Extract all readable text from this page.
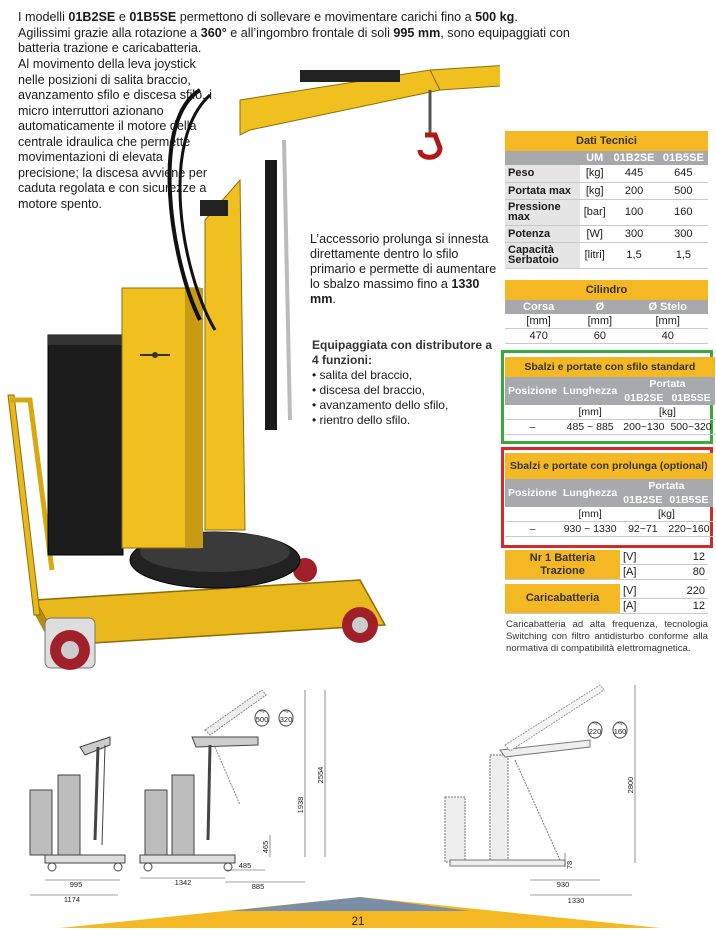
I modelli 01B2SE e 01B5SE permettono di sollevare e movimentare carichi fino a 500 kg.
Agilissimi grazie alla rotazione a 360° e all’ingombro frontale di soli 995 mm, sono equipaggiati con
batteria trazione e caricabatteria.
Al movimento della leva joystick nelle posizioni di salita braccio, avanzamento sfilo e discesa sfilo, i micro interruttori azionano automaticamente il motore della centrale idraulica che permette movimentazioni di elevata precisione; la discesa avviene per caduta regolata e con sicurezze a motore spento.
L’accessorio prolunga si innesta direttamente dentro lo sfilo primario e permette di aumentare lo sbalzo massimo fino a 1330 mm.
Equipaggiata con distributore a 4 funzioni:
• salita del braccio,
• discesa del braccio,
• avanzamento dello sfilo,
• rientro dello sfilo.
Dati Tecnici			
	UM	01B2SE	01B5SE
Peso	[kg]	445	645
Portata max	[kg]	200	500
Pressione max	[bar]	100	160
Potenza	[W]	300	300
Capacità Serbatoio	[litri]	1,5	1,5
Cilindro		
Corsa	Ø	Ø Stelo
[mm]	[mm]	[mm]
470	60	40
Sbalzi e portate con sfilo standard			
Posizione	Lunghezza	Portata	
		01B2SE	01B5SE
	[mm]	[kg]	
–	485 ~ 885	200~130	500~320
Sbalzi e portate con prolunga (optional)			
Posizione	Lunghezza	Portata	
		01B2SE	01B5SE
	[mm]	[kg]	
–	930 ~ 1330	92~71	220~160
Nr 1 Batteria Trazione	[V]	12
	[A]	80

Caricabatteria	[V]	220
	[A]	12
Caricabatteria ad alta frequenza, tecnologia Switching con filtro antidisturbo conforme alla normativa di compatibilità elettromagnetica.
995
1174
Kg
500
Kg
320
1938
2554
465
1342
485
885
Kg
220
Kg
160
2800
78
930
1330
21
